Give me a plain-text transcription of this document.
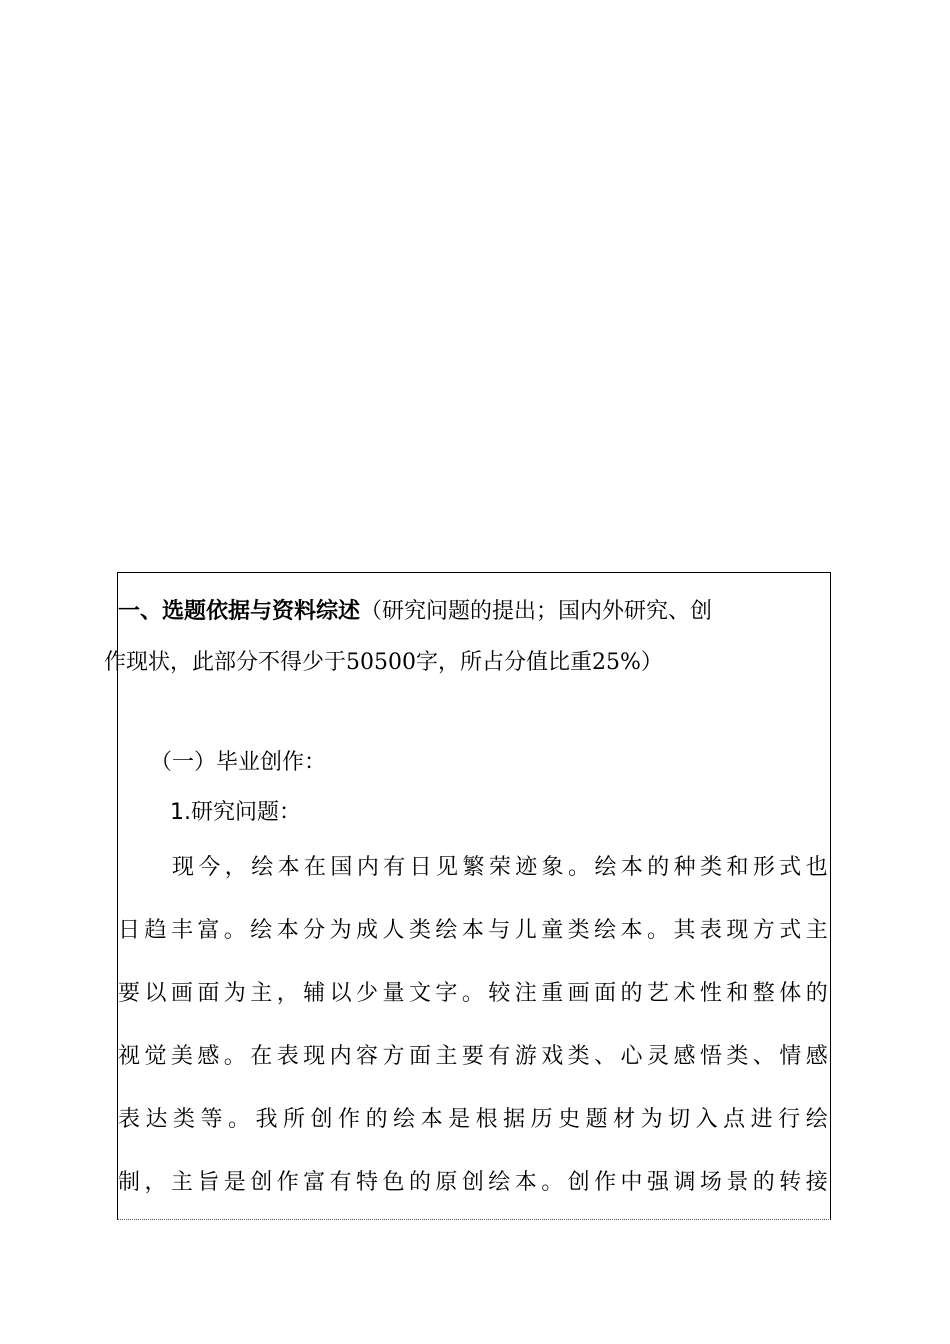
一、选题依据与资料综述（研究问题的提出；国内外研究、创
作现状，此部分不得少于50500字，所占分值比重25%）
（一）毕业创作：
1.研究问题：
现今，绘本在国内有日见繁荣迹象。绘本的种类和形式也
日趋丰富。绘本分为成人类绘本与儿童类绘本。其表现方式主
要以画面为主，辅以少量文字。较注重画面的艺术性和整体的
视觉美感。在表现内容方面主要有游戏类、心灵感悟类、情感
表达类等。我所创作的绘本是根据历史题材为切入点进行绘
制，主旨是创作富有特色的原创绘本。创作中强调场景的转接
